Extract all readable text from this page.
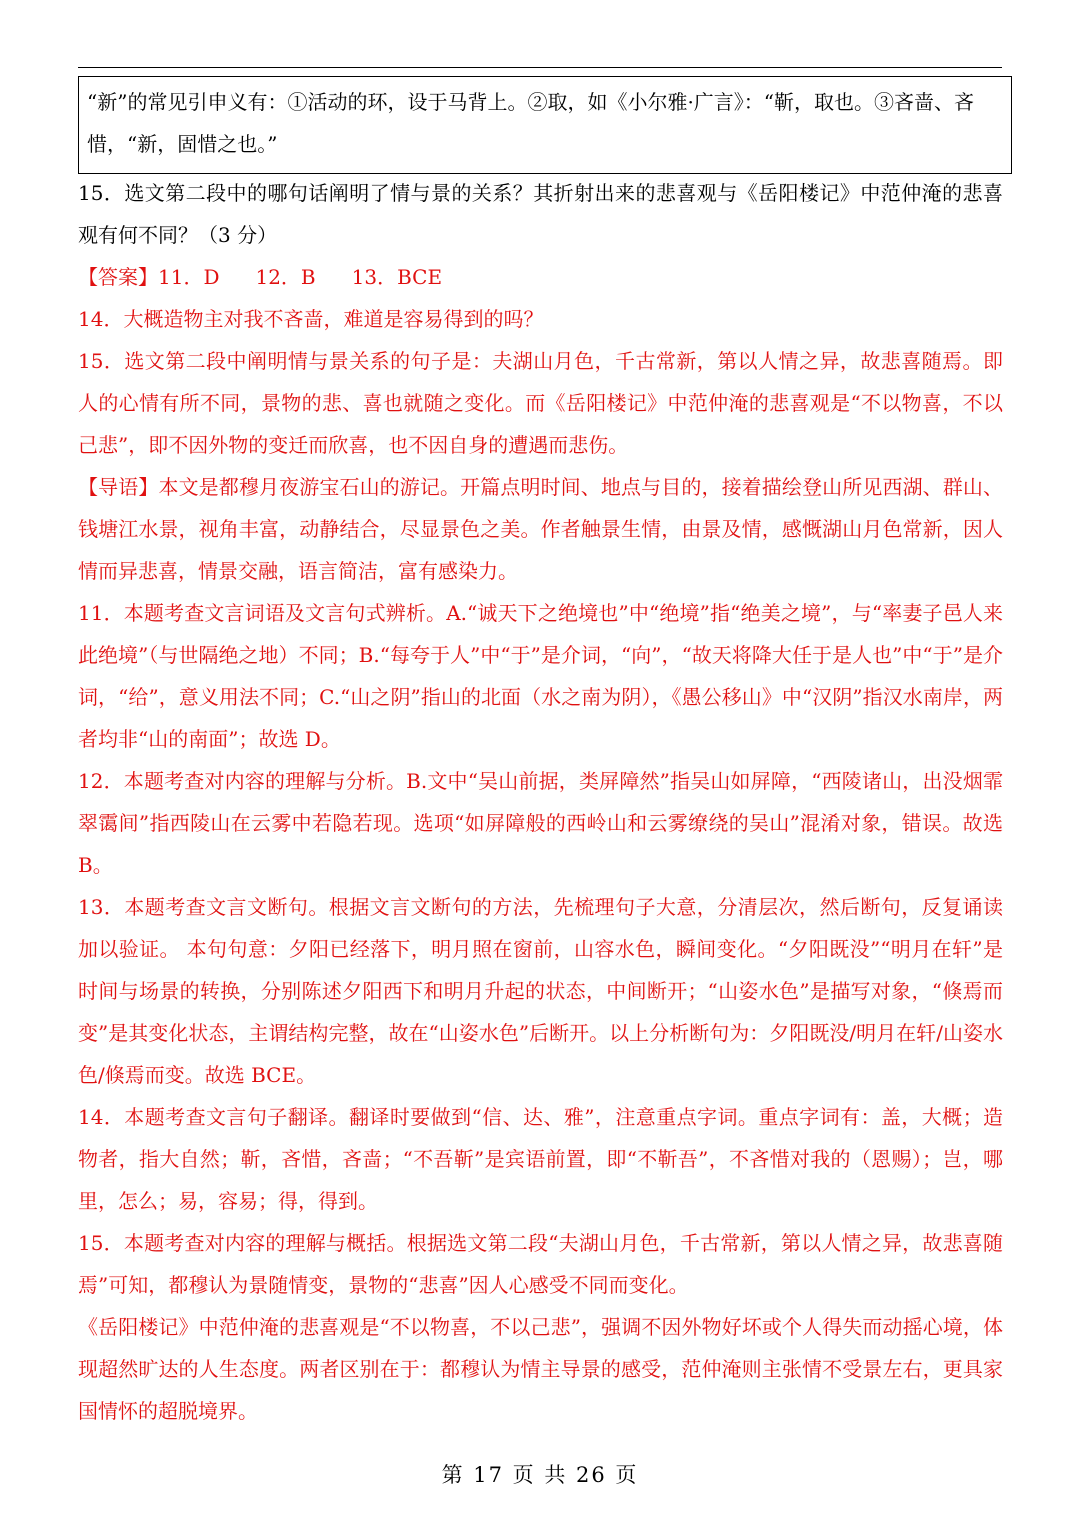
“新”的常见引申义有：①活动的环，设于马背上。②取，如《小尔雅·广言》：“靳，取也。③吝啬、吝惜，“新，固惜之也。”

15．选文第二段中的哪句话阐明了情与景的关系？其折射出来的悲喜观与《岳阳楼记》中范仲淹的悲喜观有何不同？（3 分）

【答案】11．D 12．B 13．BCE

14．大概造物主对我不吝啬，难道是容易得到的吗？

15．选文第二段中阐明情与景关系的句子是：夫湖山月色，千古常新，第以人情之异，故悲喜随焉。即人的心情有所不同，景物的悲、喜也就随之变化。而《岳阳楼记》中范仲淹的悲喜观是“不以物喜，不以己悲”，即不因外物的变迁而欣喜，也不因自身的遭遇而悲伤。

【导语】本文是都穆月夜游宝石山的游记。开篇点明时间、地点与目的，接着描绘登山所见西湖、群山、钱塘江水景，视角丰富，动静结合，尽显景色之美。作者触景生情，由景及情，感慨湖山月色常新，因人情而异悲喜，情景交融，语言简洁，富有感染力。

11．本题考查文言词语及文言句式辨析。A.“诚天下之绝境也”中“绝境”指“绝美之境”，与“率妻子邑人来此绝境”（与世隔绝之地）不同；B.“每夸于人”中“于”是介词，“向”，“故天将降大任于是人也”中“于”是介词，“给”，意义用法不同；C.“山之阴”指山的北面（水之南为阴），《愚公移山》中“汉阴”指汉水南岸，两者均非“山的南面”；故选 D。

12．本题考查对内容的理解与分析。B.文中“吴山前据，类屏障然”指吴山如屏障，“西陵诸山，出没烟霏翠霭间”指西陵山在云雾中若隐若现。选项“如屏障般的西岭山和云雾缭绕的吴山”混淆对象，错误。故选 B。

13．本题考查文言文断句。根据文言文断句的方法，先梳理句子大意，分清层次，然后断句，反复诵读加以验证。 本句句意：夕阳已经落下，明月照在窗前，山容水色，瞬间变化。“夕阳既没”“明月在轩”是时间与场景的转换，分别陈述夕阳西下和明月升起的状态，中间断开；“山姿水色”是描写对象，“倏焉而变”是其变化状态，主谓结构完整，故在“山姿水色”后断开。以上分析断句为：夕阳既没/明月在轩/山姿水色/倏焉而变。故选 BCE。

14．本题考查文言句子翻译。翻译时要做到“信、达、雅”，注意重点字词。重点字词有：盖，大概；造物者，指大自然；靳，吝惜，吝啬；“不吾靳”是宾语前置，即“不靳吾”，不吝惜对我的（恩赐）；岂，哪里，怎么；易，容易；得，得到。

15．本题考查对内容的理解与概括。根据选文第二段“夫湖山月色，千古常新，第以人情之异，故悲喜随焉”可知，都穆认为景随情变，景物的“悲喜”因人心感受不同而变化。

《岳阳楼记》中范仲淹的悲喜观是“不以物喜，不以己悲”，强调不因外物好坏或个人得失而动摇心境，体现超然旷达的人生态度。两者区别在于：都穆认为情主导景的感受，范仲淹则主张情不受景左右，更具家国情怀的超脱境界。

第 17 页 共 26 页
